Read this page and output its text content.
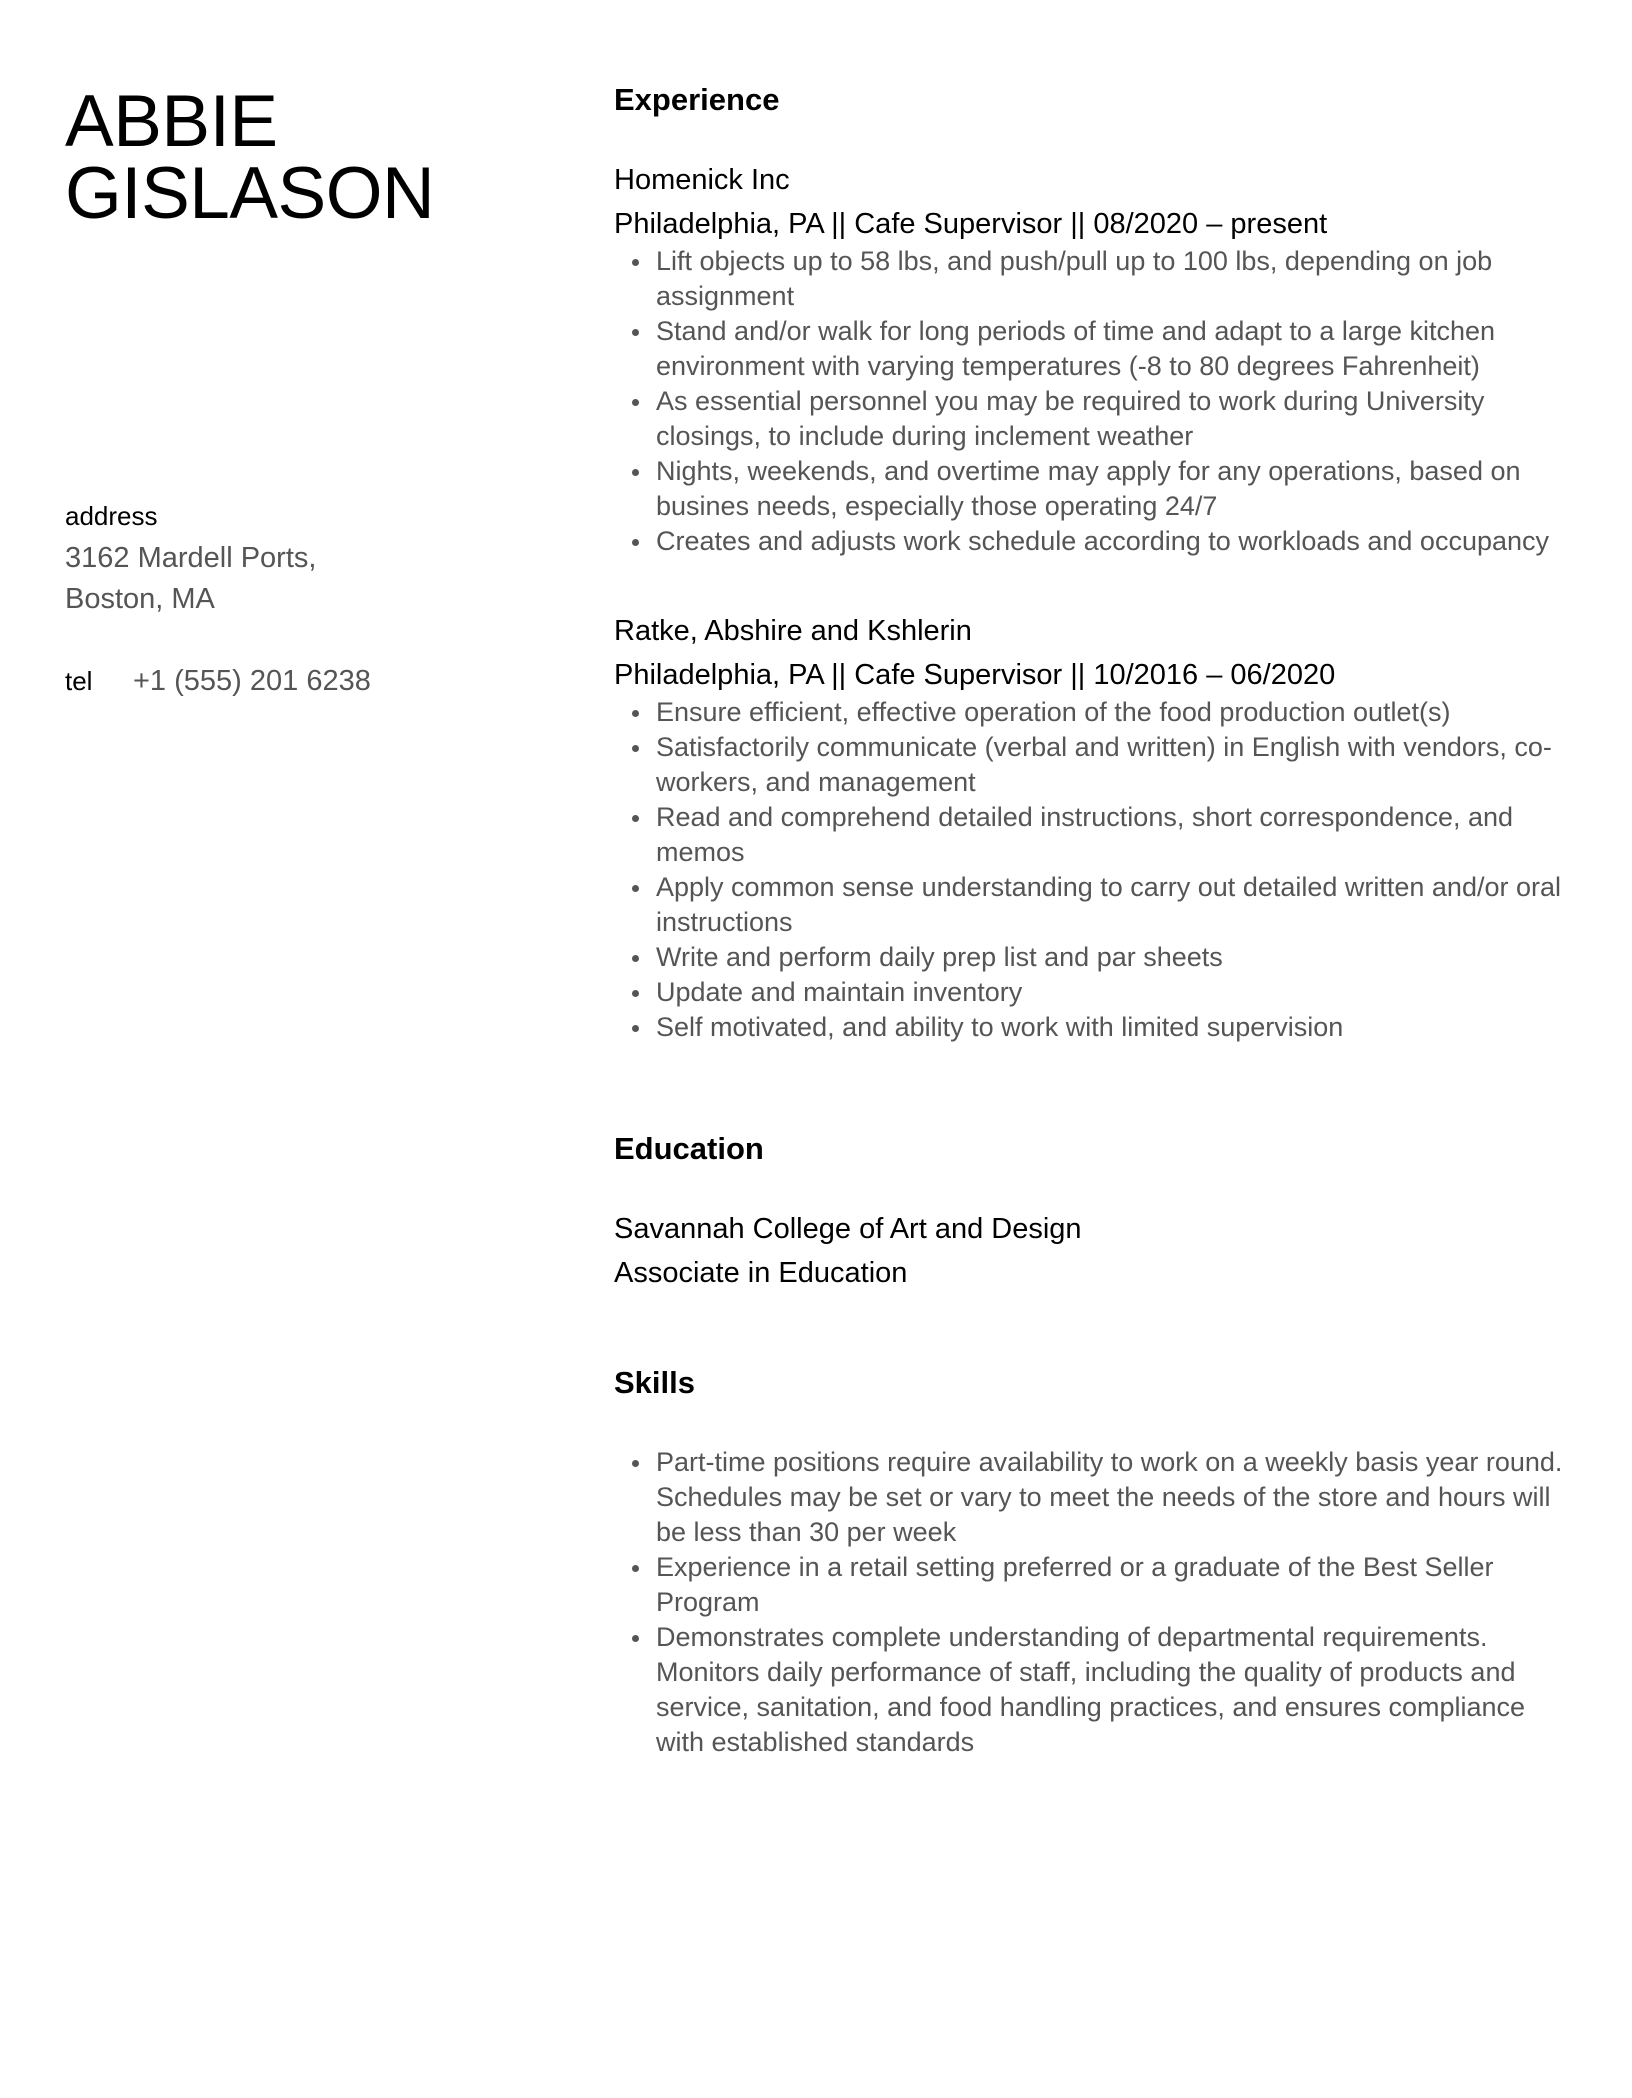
ABBIE
GISLASON
address
3162 Mardell Ports,
Boston, MA
tel	+1 (555) 201 6238
Experience
Homenick Inc
Philadelphia, PA || Cafe Supervisor || 08/2020 – present
Lift objects up to 58 lbs, and push/pull up to 100 lbs, depending on job assignment
Stand and/or walk for long periods of time and adapt to a large kitchen environment with varying temperatures (-8 to 80 degrees Fahrenheit)
As essential personnel you may be required to work during University closings, to include during inclement weather
Nights, weekends, and overtime may apply for any operations, based on busines needs, especially those operating 24/7
Creates and adjusts work schedule according to workloads and occupancy
Ratke, Abshire and Kshlerin
Philadelphia, PA || Cafe Supervisor || 10/2016 – 06/2020
Ensure efficient, effective operation of the food production outlet(s)
Satisfactorily communicate (verbal and written) in English with vendors, co-workers, and management
Read and comprehend detailed instructions, short correspondence, and memos
Apply common sense understanding to carry out detailed written and/or oral instructions
Write and perform daily prep list and par sheets
Update and maintain inventory
Self motivated, and ability to work with limited supervision
Education
Savannah College of Art and Design
Associate in Education
Skills
Part-time positions require availability to work on a weekly basis year round. Schedules may be set or vary to meet the needs of the store and hours will be less than 30 per week
Experience in a retail setting preferred or a graduate of the Best Seller Program
Demonstrates complete understanding of departmental requirements. Monitors daily performance of staff, including the quality of products and service, sanitation, and food handling practices, and ensures compliance with established standards
